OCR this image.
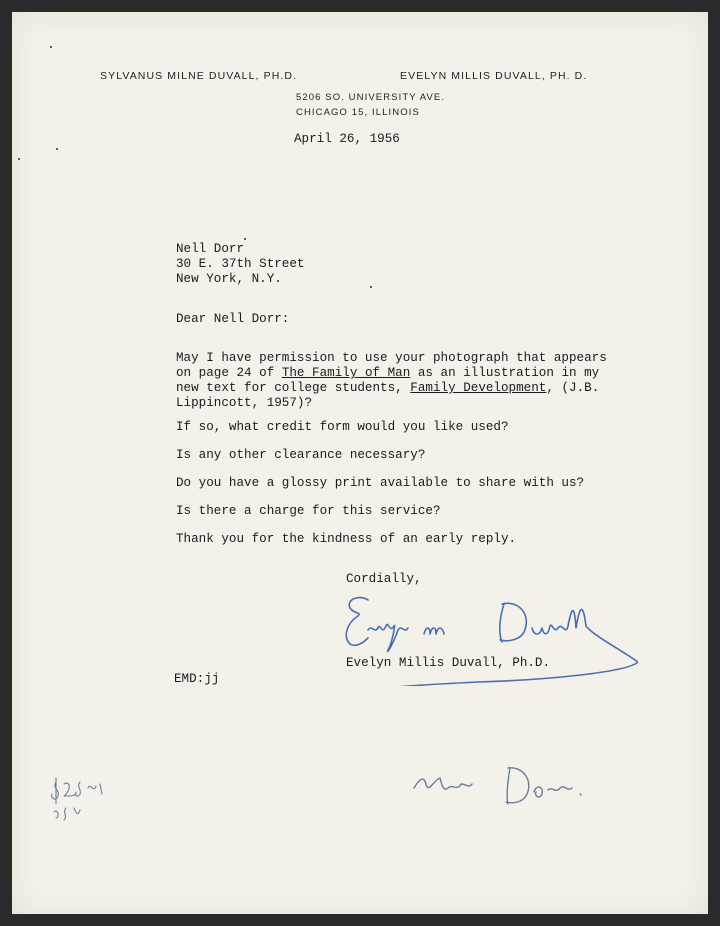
SYLVANUS MILNE DUVALL, PH.D.	EVELYN MILLIS DUVALL, PH. D.
5206 SO. UNIVERSITY AVE.
CHICAGO 15, ILLINOIS
April 26, 1956
Nell Dorr
30 E. 37th Street
New York, N.Y.
Dear Nell Dorr:
May I have permission to use your photograph that appears
on page 24 of The Family of Man as an illustration in my
new text for college students, Family Development, (J.B.
Lippincott, 1957)?
If so, what credit form would you like used?
Is any other clearance necessary?
Do you have a glossy print available to share with us?
Is there a charge for this service?
Thank you for the kindness of an early reply.
Cordially,
Evelyn Millis Duvall, Ph.D.
EMD:jj
